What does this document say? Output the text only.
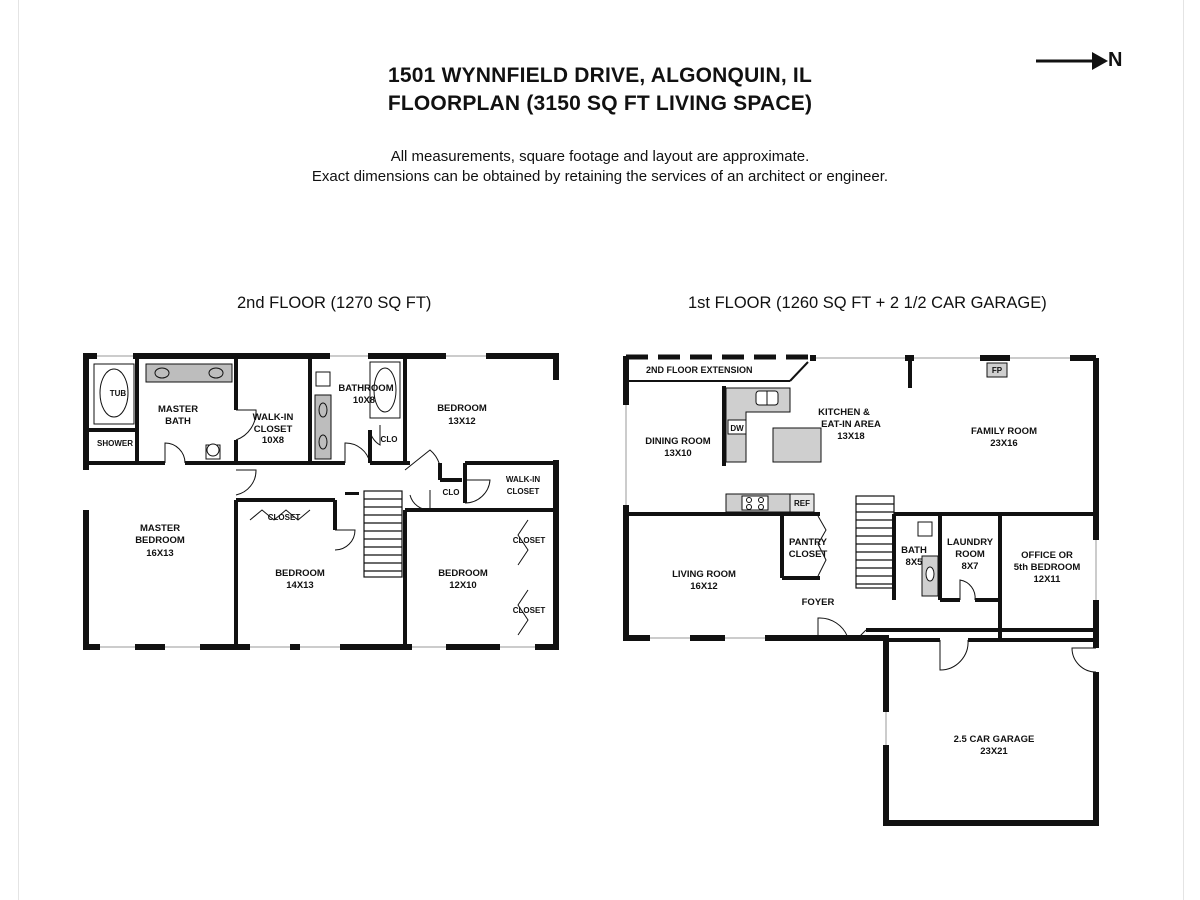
1501 WYNNFIELD DRIVE, ALGONQUIN, IL
FLOORPLAN (3150 SQ FT LIVING SPACE)
All measurements, square footage and layout are approximate.
Exact dimensions can be obtained by retaining the services of an architect or engineer.
N
2nd FLOOR (1270 SQ FT)	1st FLOOR (1260 SQ FT + 2 1/2 CAR GARAGE)
TUB
SHOWER
MASTER
BATH	WALK-IN
CLOSET
10X8
BATHROOM
10X8
CLO
BEDROOM
13X12
CLO
WALK-IN
CLOSET
MASTER
BEDROOM
16X13
CLOSET
BEDROOM
14X13
BEDROOM
12X10
CLOSET
CLOSET
2ND FLOOR EXTENSION
KITCHEN &
EAT-IN AREA
13X18
DW
REF
FP
DINING ROOM
13X10
FAMILY ROOM
23X16
PANTRY
CLOSET
LIVING ROOM
16X12
BATH
8X5
LAUNDRY
ROOM
8X7
OFFICE OR
5th BEDROOM
12X11
FOYER
2.5 CAR GARAGE
23X21
